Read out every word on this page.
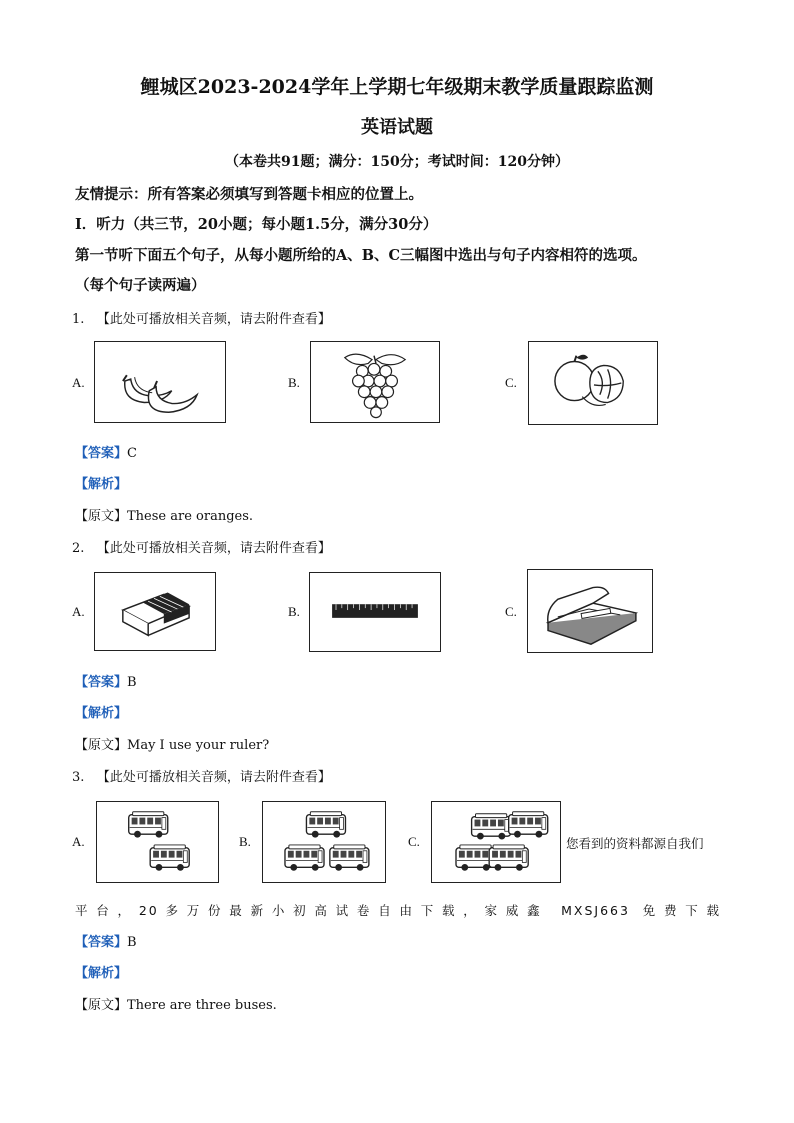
鲤城区2023-2024学年上学期七年级期末教学质量跟踪监测
英语试题
（本卷共91题；满分：150分；考试时间：120分钟）
友情提示：所有答案必须填写到答题卡相应的位置上。
Ⅰ．听力（共三节，20小题；每小题1.5分，满分30分）
第一节听下面五个句子，从每小题所给的A、B、C三幅图中选出与句子内容相符的选项。
（每个句子读两遍）
1. 【此处可播放相关音频，请去附件查看】
A.	B.	C.
【答案】C
【解析】
【原文】These are oranges.
2. 【此处可播放相关音频，请去附件查看】
A.	B.	C.
【答案】B
【解析】
【原文】May I use your ruler?
3. 【此处可播放相关音频，请去附件查看】
A.	B.	C.	您看到的资料都源自我们
平台，20多万份最新小初高试卷自由下载，家威鑫 MXSJ663 免费下载
【答案】B
【解析】
【原文】There are three buses.
